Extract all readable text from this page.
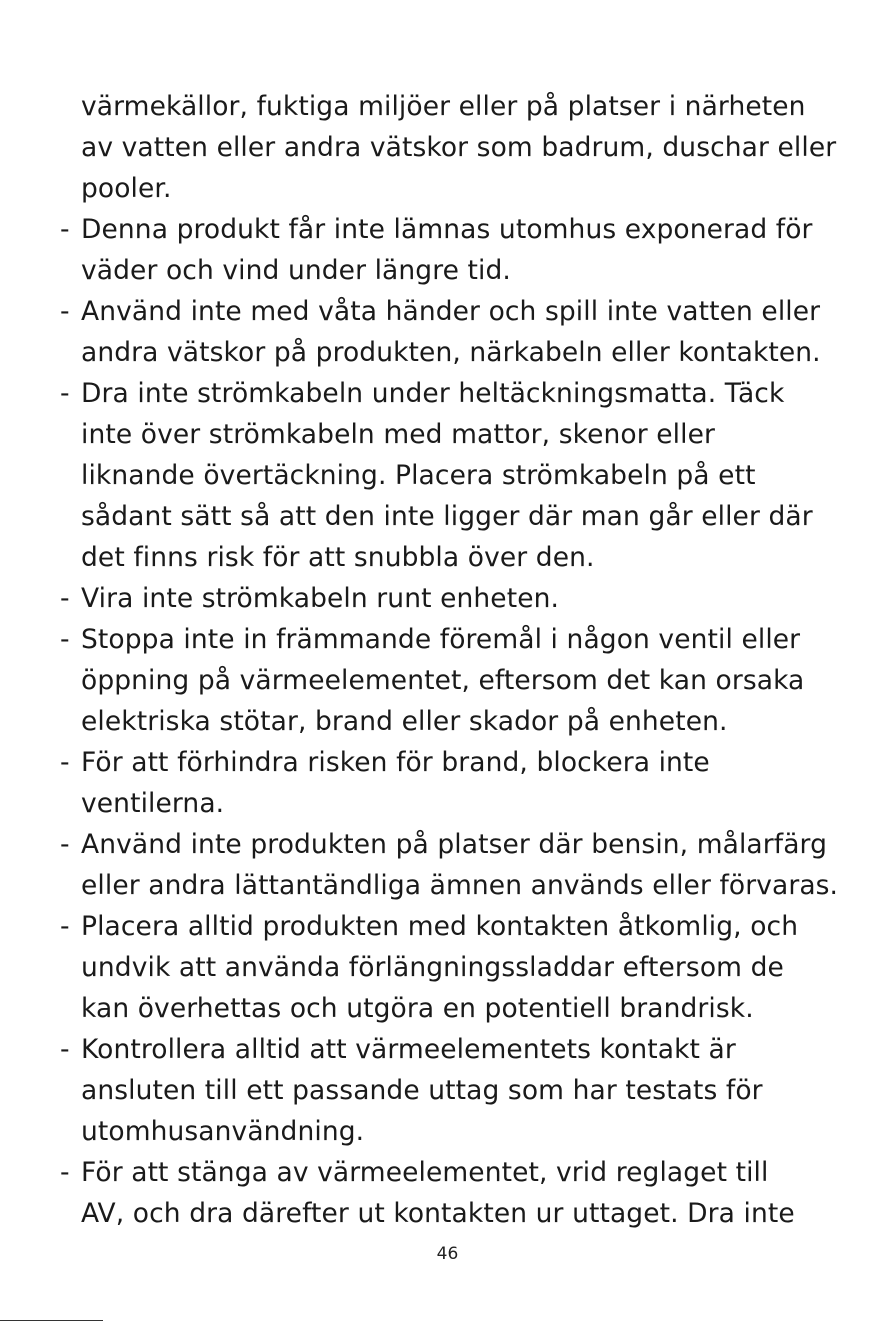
värmekällor, fuktiga miljöer eller på platser i närheten
av vatten eller andra vätskor som badrum, duschar eller
pooler.
- Denna produkt får inte lämnas utomhus exponerad för
väder och vind under längre tid.
- Använd inte med våta händer och spill inte vatten eller
andra vätskor på produkten, närkabeln eller kontakten.
- Dra inte strömkabeln under heltäckningsmatta. Täck
inte över strömkabeln med mattor, skenor eller
liknande övertäckning. Placera strömkabeln på ett
sådant sätt så att den inte ligger där man går eller där
det finns risk för att snubbla över den.
- Vira inte strömkabeln runt enheten.
- Stoppa inte in främmande föremål i någon ventil eller
öppning på värmeelementet, eftersom det kan orsaka
elektriska stötar, brand eller skador på enheten.
- För att förhindra risken för brand, blockera inte
ventilerna.
- Använd inte produkten på platser där bensin, målarfärg
eller andra lättantändliga ämnen används eller förvaras.
- Placera alltid produkten med kontakten åtkomlig, och
undvik att använda förlängningssladdar eftersom de
kan överhettas och utgöra en potentiell brandrisk.
- Kontrollera alltid att värmeelementets kontakt är
ansluten till ett passande uttag som har testats för
utomhusanvändning.
- För att stänga av värmeelementet, vrid reglaget till
AV, och dra därefter ut kontakten ur uttaget. Dra inte
46
